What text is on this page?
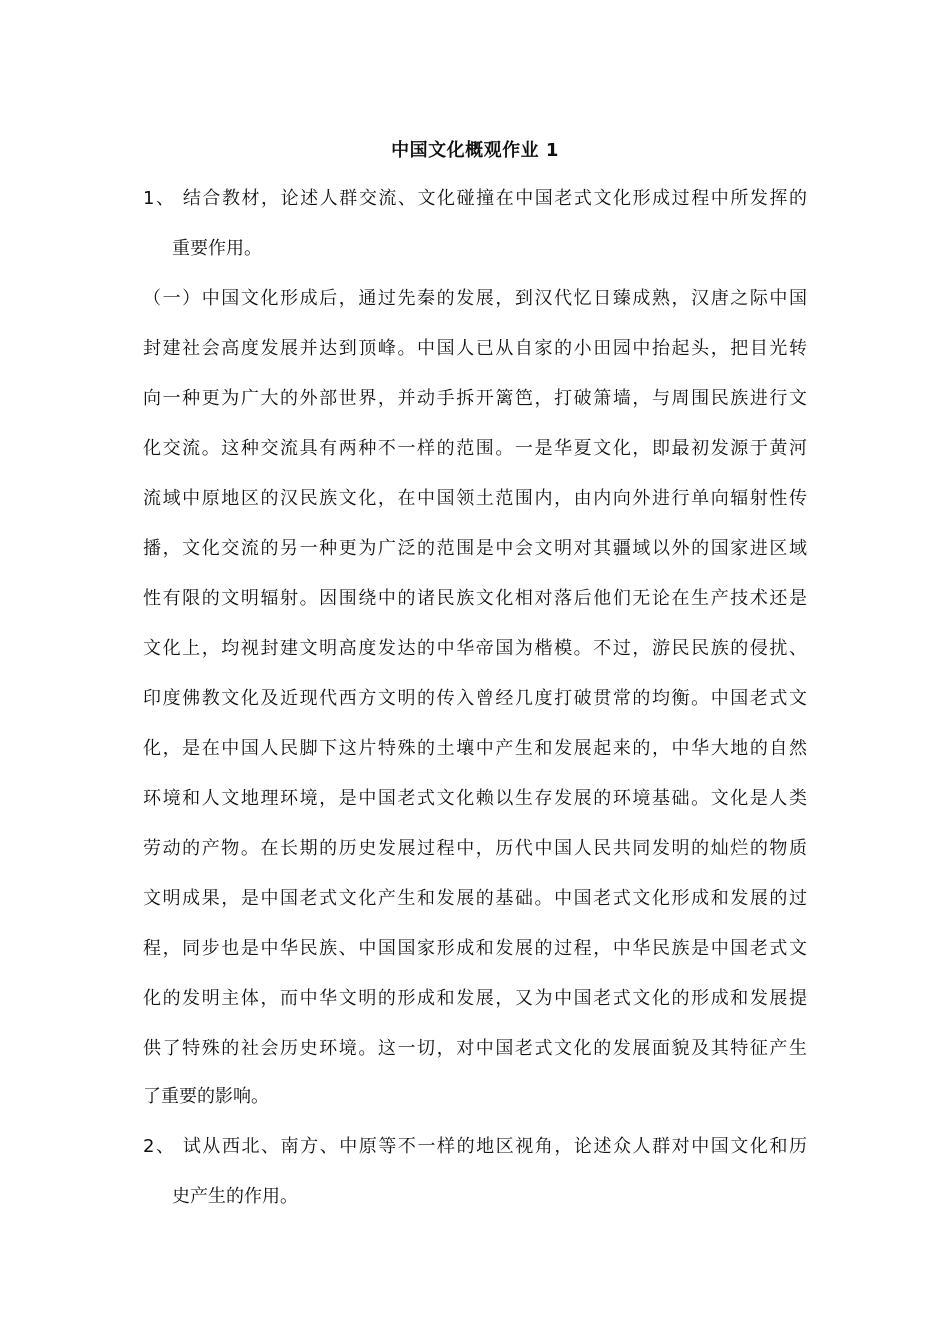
中国文化概观作业 1
1、 结合教材，论述人群交流、文化碰撞在中国老式文化形成过程中所发挥的
重要作用。
（一）中国文化形成后，通过先秦的发展，到汉代忆日臻成熟，汉唐之际中国
封建社会高度发展并达到顶峰。中国人已从自家的小田园中抬起头，把目光转
向一种更为广大的外部世界，并动手拆开篱笆，打破箫墙，与周围民族进行文
化交流。这种交流具有两种不一样的范围。一是华夏文化，即最初发源于黄河
流域中原地区的汉民族文化，在中国领土范围内，由内向外进行单向辐射性传
播，文化交流的另一种更为广泛的范围是中会文明对其疆域以外的国家进区域
性有限的文明辐射。因围绕中的诸民族文化相对落后他们无论在生产技术还是
文化上，均视封建文明高度发达的中华帝国为楷模。不过，游民民族的侵扰、
印度佛教文化及近现代西方文明的传入曾经几度打破贯常的均衡。中国老式文
化，是在中国人民脚下这片特殊的土壤中产生和发展起来的，中华大地的自然
环境和人文地理环境，是中国老式文化赖以生存发展的环境基础。文化是人类
劳动的产物。在长期的历史发展过程中，历代中国人民共同发明的灿烂的物质
文明成果，是中国老式文化产生和发展的基础。中国老式文化形成和发展的过
程，同步也是中华民族、中国国家形成和发展的过程，中华民族是中国老式文
化的发明主体，而中华文明的形成和发展，又为中国老式文化的形成和发展提
供了特殊的社会历史环境。这一切，对中国老式文化的发展面貌及其特征产生
了重要的影响。
2、 试从西北、南方、中原等不一样的地区视角，论述众人群对中国文化和历
史产生的作用。
